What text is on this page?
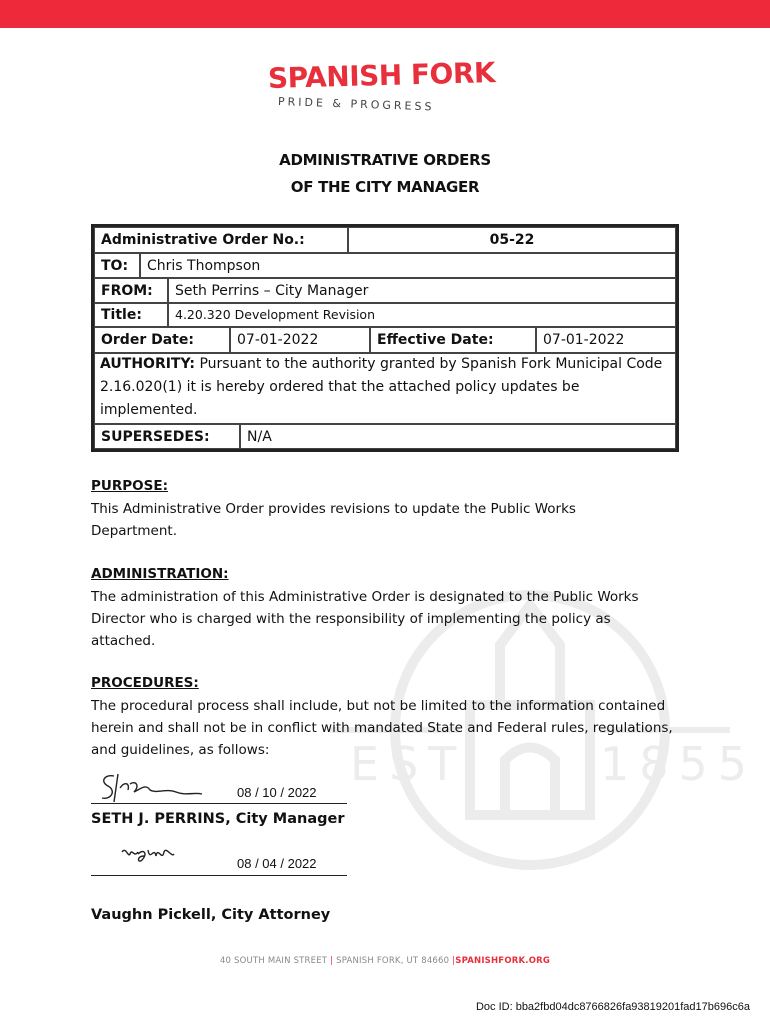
SPANISH FORK
PRIDE & PROGRESS
ADMINISTRATIVE ORDERS
OF THE CITY MANAGER
EST. 1855
Administrative Order No.:	05-22
TO:	Chris Thompson
FROM:	Seth Perrins – City Manager
Title:	4.20.320 Development Revision
Order Date:	07-01-2022	Effective Date:	07-01-2022
AUTHORITY: Pursuant to the authority granted by Spanish Fork Municipal Code 2.16.020(1) it is hereby ordered that the attached policy updates be implemented.
SUPERSEDES:	N/A
PURPOSE:
This Administrative Order provides revisions to update the Public Works Department.
ADMINISTRATION:
The administration of this Administrative Order is designated to the Public Works Director who is charged with the responsibility of implementing the policy as attached.
PROCEDURES:
The procedural process shall include, but not be limited to the information contained herein and shall not be in conflict with mandated State and Federal rules, regulations, and guidelines, as follows:
08 / 10 / 2022
SETH J. PERRINS, City Manager
08 / 04 / 2022
Vaughn Pickell, City Attorney
40 SOUTH MAIN STREET | SPANISH FORK, UT 84660 |SPANISHFORK.ORG
Doc ID: bba2fbd04dc8766826fa93819201fad17b696c6a
